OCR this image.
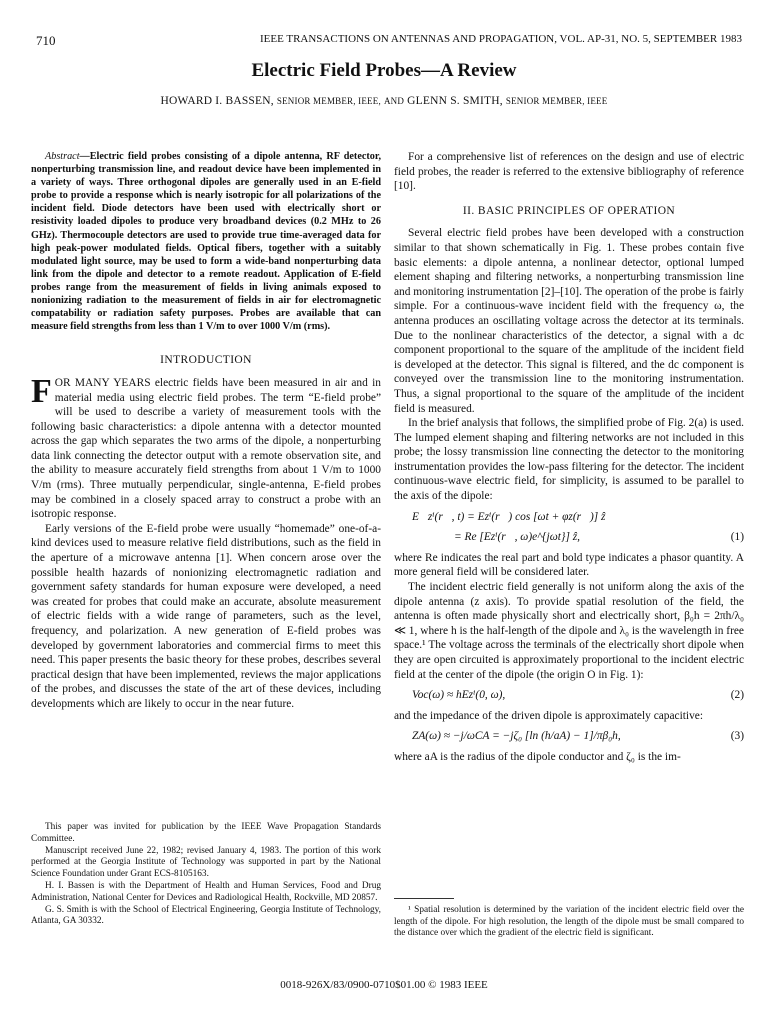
710	IEEE TRANSACTIONS ON ANTENNAS AND PROPAGATION, VOL. AP-31, NO. 5, SEPTEMBER 1983
Electric Field Probes—A Review
HOWARD I. BASSEN, SENIOR MEMBER, IEEE, AND GLENN S. SMITH, SENIOR MEMBER, IEEE

Abstract—Electric field probes consisting of a dipole antenna, RF detector, nonperturbing transmission line, and readout device have been implemented in a variety of ways. Three orthogonal dipoles are generally used in an E-field probe to provide a response which is nearly isotropic for all polarizations of the incident field. Diode detectors have been used with electrically short or resistivity loaded dipoles to produce very broadband devices (0.2 MHz to 26 GHz). Thermocouple detectors are used to provide true time-averaged data for high peak-power modulated fields. Optical fibers, together with a suitably modulated light source, may be used to form a wide-band nonperturbing data link from the dipole and detector to a remote readout. Application of E-field probes range from the measurement of fields in living animals exposed to nonionizing radiation to the measurement of fields in air for electromagnetic compatability or radiation safety purposes. Probes are available that can measure field strengths from less than 1 V/m to over 1000 V/m (rms).

INTRODUCTION

FOR MANY YEARS electric fields have been measured in air and in material media using electric field probes. The term “E-field probe” will be used to describe a variety of measurement tools with the following basic characteristics: a dipole antenna with a detector mounted across the gap which separates the two arms of the dipole, a nonperturbing data link connecting the detector output with a remote observation site, and the ability to measure accurately field strengths from about 1 V/m to 1000 V/m (rms). Three mutually perpendicular, single-antenna, E-field probes may be combined in a closely spaced array to construct a probe with an isotropic response.

Early versions of the E-field probe were usually “homemade” one-of-a-kind devices used to measure relative field distributions, such as the field in the aperture of a microwave antenna [1]. When concern arose over the possible health hazards of nonionizing electromagnetic radiation and government safety standards for human exposure were developed, a need was created for probes that could make an accurate, absolute measurement of electric fields with a wide range of parameters, such as the level, frequency, and polarization. A new generation of E-field probes was developed by government laboratories and commercial firms to meet this need. This paper presents the basic theory for these probes, describes several practical design that have been implemented, reviews the major applications of the probes, and discusses the state of the art of these devices, including developments which are likely to occur in the near future.

This paper was invited for publication by the IEEE Wave Propagation Standards Committee.

Manuscript received June 22, 1982; revised January 4, 1983. The portion of this work performed at the Georgia Institute of Technology was supported in part by the National Science Foundation under Grant ECS-8105163.

H. I. Bassen is with the Department of Health and Human Services, Food and Drug Administration, National Center for Devices and Radiological Health, Rockville, MD 20857.

G. S. Smith is with the School of Electrical Engineering, Georgia Institute of Technology, Atlanta, GA 30332.

For a comprehensive list of references on the design and use of electric field probes, the reader is referred to the extensive bibliography of reference [10].

II. BASIC PRINCIPLES OF OPERATION

Several electric field probes have been developed with a construction similar to that shown schematically in Fig. 1. These probes contain five basic elements: a dipole antenna, a nonlinear detector, optional lumped element shaping and filtering networks, a nonperturbing transmission line and monitoring instrumentation [2]–[10]. The operation of the probe is fairly simple. For a continuous-wave incident field with the frequency ω, the antenna produces an oscillating voltage across the detector at its terminals. Due to the nonlinear characteristics of the detector, a signal with a dc component proportional to the square of the amplitude of the incident field is developed at the detector. This signal is filtered, and the dc component is conveyed over the transmission line to the monitoring instrumentation. Thus, a signal proportional to the square of the amplitude of the incident field is measured.

In the brief analysis that follows, the simplified probe of Fig. 2(a) is used. The lumped element shaping and filtering networks are not included in this probe; the lossy transmission line connecting the detector to the monitoring instrumentation provides the low-pass filtering for the detector. The incident continuous-wave electric field, for simplicity, is assumed to be parallel to the axis of the dipole:

E⃗zⁱ(r⃗, t) = Ezⁱ(r⃗) cos [ωt + φz(r⃗)] ẑ
= Re [Ezⁱ(r⃗, ω)e^{jωt}] ẑ,	(1)

where Re indicates the real part and bold type indicates a phasor quantity. A more general field will be considered later.

The incident electric field generally is not uniform along the axis of the dipole antenna (z axis). To provide spatial resolution of the field, the antenna is often made physically short and electrically short, β₀h = 2πh/λ₀ ≪ 1, where h is the half-length of the dipole and λ₀ is the wavelength in free space.¹ The voltage across the terminals of the electrically short dipole when they are open circuited is approximately proportional to the incident electric field at the center of the dipole (the origin O in Fig. 1):

Voc(ω) ≈ hEzⁱ(0, ω),	(2)

and the impedance of the driven dipole is approximately capacitive:

ZA(ω) ≈ −j/ωCA = −jζ₀ [ln (h/aA) − 1]/πβ₀h,	(3)

where aA is the radius of the dipole conductor and ζ₀ is the im-

¹ Spatial resolution is determined by the variation of the incident electric field over the length of the dipole. For high resolution, the length of the dipole must be small compared to the distance over which the gradient of the electric field is significant.

0018-926X/83/0900-0710$01.00 © 1983 IEEE
